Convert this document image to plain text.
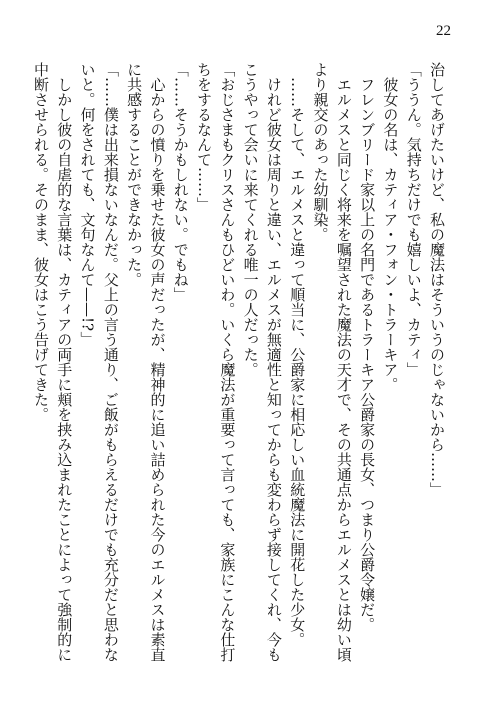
22

治してあげたいけど、私の魔法はそういうのじゃないから……」

「ううん。気持ちだけでも嬉しいよ、カティ」

　彼女の名は、カティア・フォン・トラーキア。

　フレンブリード家以上の名門であるトラーキア公爵家の長女、つまり公爵令嬢だ。

　エルメスと同じく将来を嘱望された魔法の天才で、その共通点からエルメスとは幼い頃より親交のあった幼馴染。

　……そして、エルメスと違って順当に、公爵家に相応しい血統魔法に開花した少女。

　けれど彼女は周りと違い、エルメスが無適性と知ってからも変わらず接してくれ、今もこうやって会いに来てくれる唯一の人だった。

「おじさまもクリスさんもひどいわ。いくら魔法が重要って言っても、家族にこんな仕打ちをするなんて……」

「……そうかもしれない。でもね」

　心からの憤りを乗せた彼女の声だったが、精神的に追い詰められた今のエルメスは素直に共感することができなかった。

「……僕は出来損ないなんだ。父上の言う通り、ご飯がもらえるだけでも充分だと思わないと。何をされても、文句なんて——!?」

　しかし彼の自虐的な言葉は、カティアの両手に頬を挟み込まれたことによって強制的に中断させられる。そのまま、彼女はこう告げてきた。
